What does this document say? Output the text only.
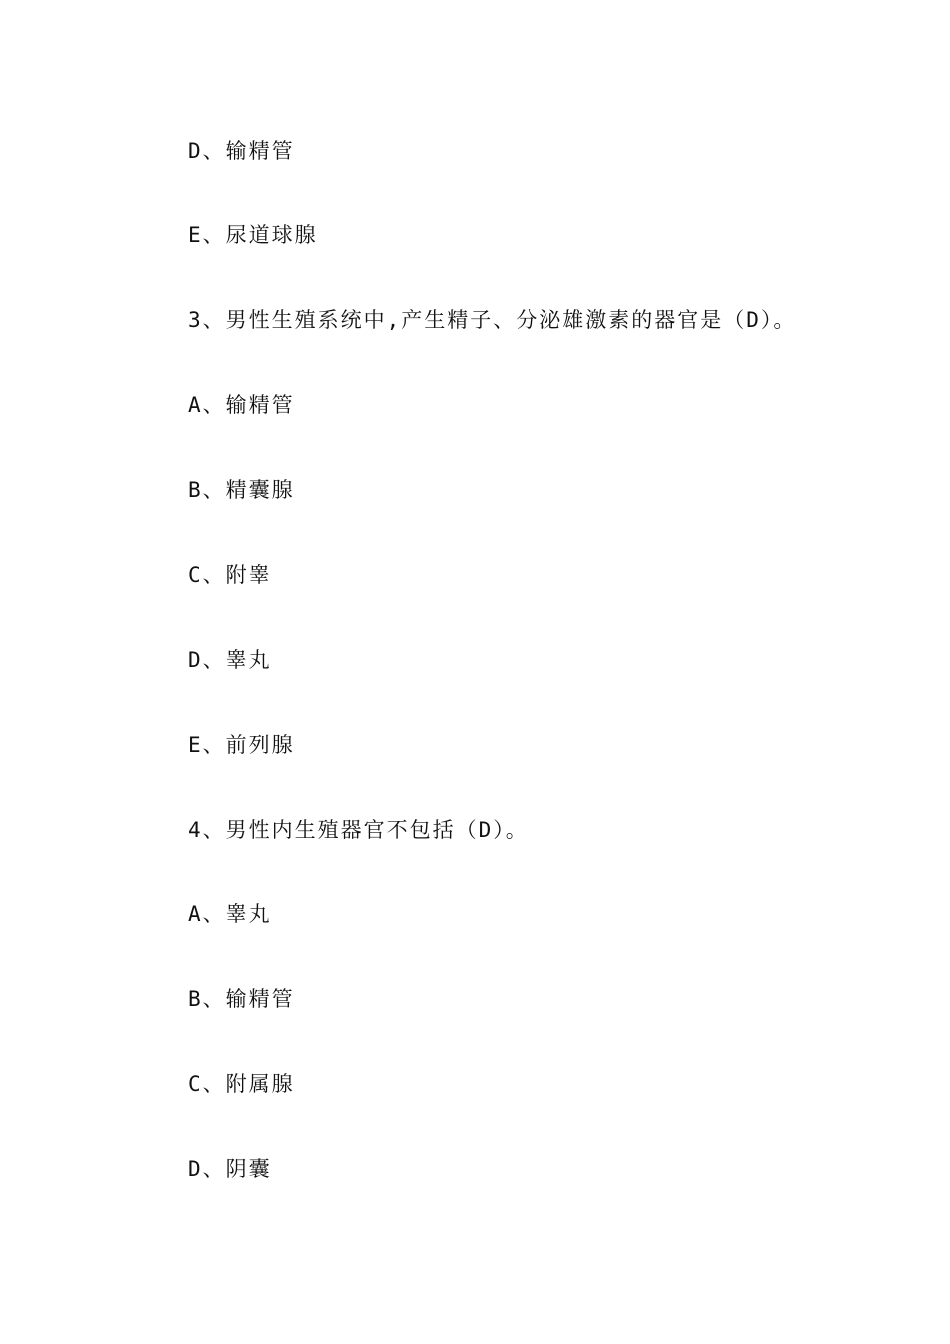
D、输精管

E、尿道球腺

3、男性生殖系统中,产生精子、分泌雄激素的器官是（D）。

A、输精管

B、精囊腺

C、附睾

D、睾丸

E、前列腺

4、男性内生殖器官不包括（D）。

A、睾丸

B、输精管

C、附属腺

D、阴囊
